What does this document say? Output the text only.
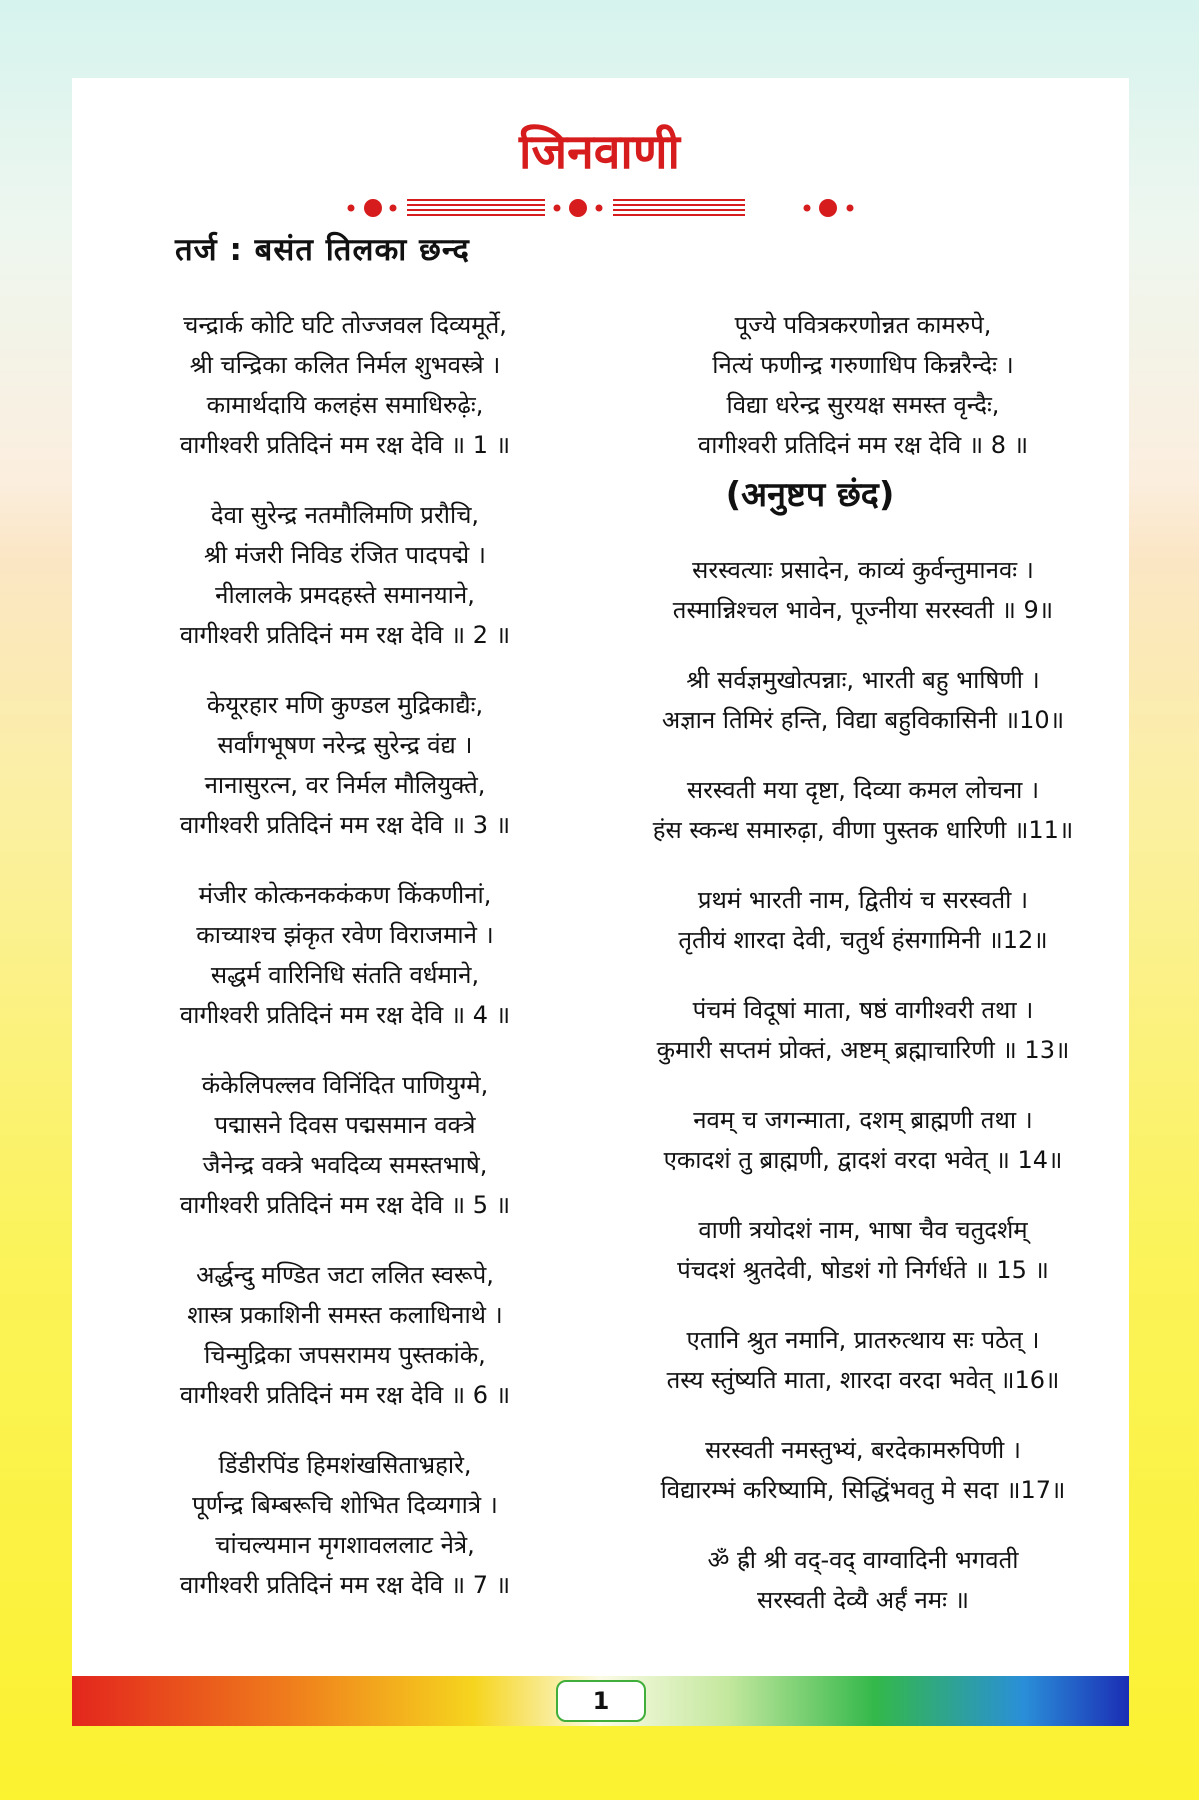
जिनवाणी
तर्ज : बसंत तिलका छन्द
चन्द्रार्क कोटि घटि तोज्जवल दिव्यमूर्ते,
श्री चन्द्रिका कलित निर्मल शुभवस्त्रे ।
कामार्थदायि कलहंस समाधिरुढ़ेः,
वागीश्वरी प्रतिदिनं मम रक्ष देवि ॥ 1 ॥
देवा सुरेन्द्र नतमौलिमणि प्ररौचि,
श्री मंजरी निविड रंजित पादपद्मे ।
नीलालके प्रमदहस्ते समानयाने,
वागीश्वरी प्रतिदिनं मम रक्ष देवि ॥ 2 ॥
केयूरहार मणि कुण्डल मुद्रिकाद्यैः,
सर्वांगभूषण नरेन्द्र सुरेन्द्र वंद्य ।
नानासुरत्न, वर निर्मल मौलियुक्ते,
वागीश्वरी प्रतिदिनं मम रक्ष देवि ॥ 3 ॥
मंजीर कोत्कनककंकण किंकणीनां,
काच्याश्च झंकृत रवेण विराजमाने ।
सद्धर्म वारिनिधि संतति वर्धमाने,
वागीश्वरी प्रतिदिनं मम रक्ष देवि ॥ 4 ॥
कंकेलिपल्लव विनिंदित पाणियुग्मे,
पद्मासने दिवस पद्मसमान वक्त्रे
जैनेन्द्र वक्त्रे भवदिव्य समस्तभाषे,
वागीश्वरी प्रतिदिनं मम रक्ष देवि ॥ 5 ॥
अर्द्धन्दु मण्डित जटा ललित स्वरूपे,
शास्त्र प्रकाशिनी समस्त कलाधिनाथे ।
चिन्मुद्रिका जपसरामय पुस्तकांके,
वागीश्वरी प्रतिदिनं मम रक्ष देवि ॥ 6 ॥
डिंडीरपिंड हिमशंखसिताभ्रहारे,
पूर्णन्द्र बिम्बरूचि शोभित दिव्यगात्रे ।
चांचल्यमान मृगशावललाट नेत्रे,
वागीश्वरी प्रतिदिनं मम रक्ष देवि ॥ 7 ॥
पूज्ये पवित्रकरणोन्नत कामरुपे,
नित्यं फणीन्द्र गरुणाधिप किन्नरैन्देः ।
विद्या धरेन्द्र सुरयक्ष समस्त वृन्दैः,
वागीश्वरी प्रतिदिनं मम रक्ष देवि ॥ 8 ॥
सरस्वत्याः प्रसादेन, काव्यं कुर्वन्तुमानवः ।
तस्मान्निश्चल भावेन, पूज्नीया सरस्वती ॥ 9॥
श्री सर्वज्ञमुखोत्पन्नाः, भारती बहु भाषिणी ।
अज्ञान तिमिरं हन्ति, विद्या बहुविकासिनी ॥10॥
सरस्वती मया दृष्टा, दिव्या कमल लोचना ।
हंस स्कन्ध समारुढ़ा, वीणा पुस्तक धारिणी ॥11॥
प्रथमं भारती नाम, द्वितीयं च सरस्वती ।
तृतीयं शारदा देवी, चतुर्थ हंसगामिनी ॥12॥
पंचमं विदूषां माता, षष्ठं वागीश्वरी तथा ।
कुमारी सप्तमं प्रोक्तं, अष्टम् ब्रह्माचारिणी ॥ 13॥
नवम् च जगन्माता, दशम् ब्राह्मणी तथा ।
एकादशं तु ब्राह्मणी, द्वादशं वरदा भवेत् ॥ 14॥
वाणी त्रयोदशं नाम, भाषा चैव चतुदर्शम्
पंचदशं श्रुतदेवी, षोडशं गो निर्गर्धते ॥ 15 ॥
एतानि श्रुत नमानि, प्रातरुत्थाय सः पठेत् ।
तस्य स्तुंष्यति माता, शारदा वरदा भवेत् ॥16॥
सरस्वती नमस्तुभ्यं, बरदेकामरुपिणी ।
विद्यारम्भं करिष्यामि, सिद्धिंभवतु मे सदा ॥17॥
ॐ ह्री श्री वद्-वद् वाग्वादिनी भगवती
सरस्वती देव्यै अर्हं नमः ॥
(अनुष्टप छंद)
1
